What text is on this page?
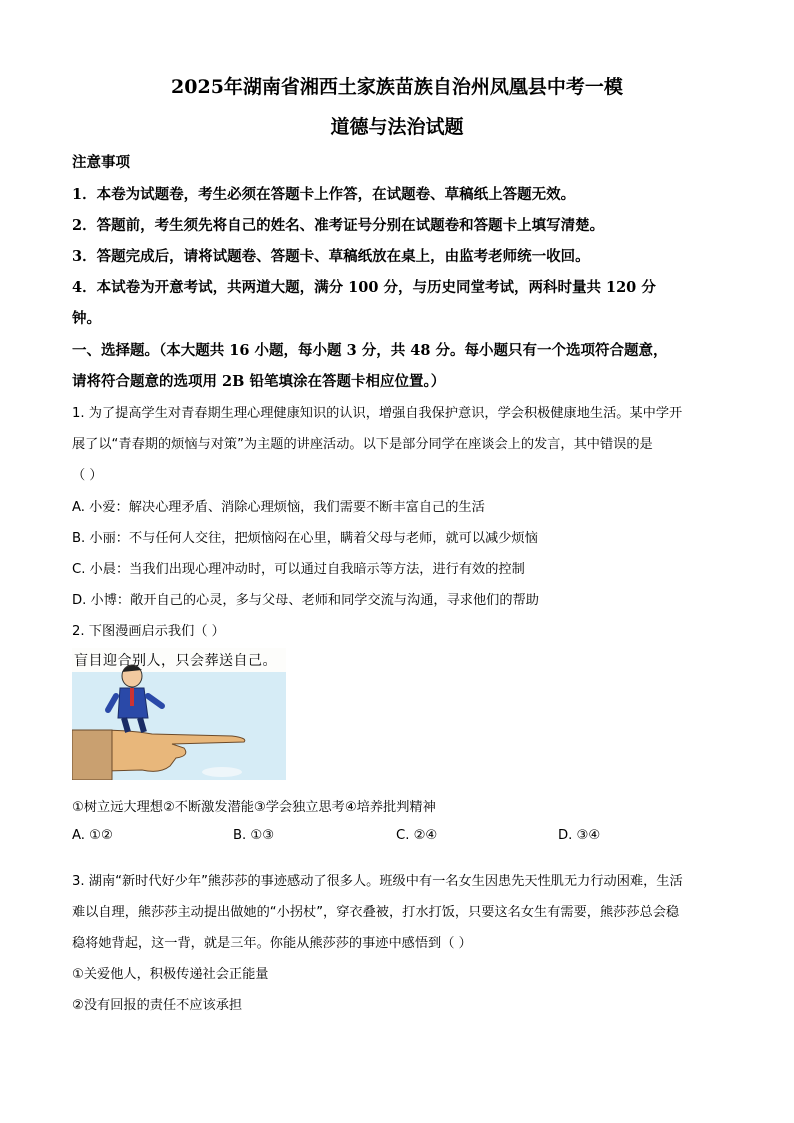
2025年湖南省湘西土家族苗族自治州凤凰县中考一模
道德与法治试题
注意事项
1．本卷为试题卷，考生必须在答题卡上作答，在试题卷、草稿纸上答题无效。
2．答题前，考生须先将自己的姓名、准考证号分别在试题卷和答题卡上填写清楚。
3．答题完成后，请将试题卷、答题卡、草稿纸放在桌上，由监考老师统一收回。
4．本试卷为开意考试，共两道大题，满分 100 分，与历史同堂考试，两科时量共 120 分
钟。
一、选择题。（本大题共 16 小题，每小题 3 分，共 48 分。每小题只有一个选项符合题意，
请将符合题意的选项用 2B 铅笔填涂在答题卡相应位置。）
1. 为了提高学生对青春期生理心理健康知识的认识，增强自我保护意识，学会积极健康地生活。某中学开
展了以“青春期的烦恼与对策”为主题的讲座活动。以下是部分同学在座谈会上的发言，其中错误的是
（ ）
A. 小爱：解决心理矛盾、消除心理烦恼，我们需要不断丰富自己的生活
B. 小丽：不与任何人交往，把烦恼闷在心里，瞒着父母与老师，就可以减少烦恼
C. 小晨：当我们出现心理冲动时，可以通过自我暗示等方法，进行有效的控制
D. 小博：敞开自己的心灵，多与父母、老师和同学交流与沟通，寻求他们的帮助
2. 下图漫画启示我们（ ）
盲目迎合别人，只会葬送自己。
①树立远大理想②不断激发潜能③学会独立思考④培养批判精神
A. ①②	B. ①③	C. ②④	D. ③④
3. 湖南“新时代好少年”熊莎莎的事迹感动了很多人。班级中有一名女生因患先天性肌无力行动困难，生活
难以自理，熊莎莎主动提出做她的“小拐杖”，穿衣叠被，打水打饭，只要这名女生有需要，熊莎莎总会稳
稳将她背起，这一背，就是三年。你能从熊莎莎的事迹中感悟到（ ）
①关爱他人，积极传递社会正能量
②没有回报的责任不应该承担
